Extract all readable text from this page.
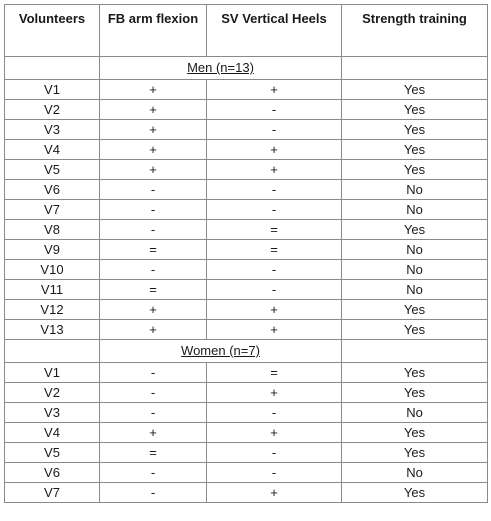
Volunteers	FB arm flexion	SV Vertical Heels	Strength training
	Men (n=13)		
V1	+	+	Yes
V2	+	-	Yes
V3	+	-	Yes
V4	+	+	Yes
V5	+	+	Yes
V6	-	-	No
V7	-	-	No
V8	-	=	Yes
V9	=	=	No
V10	-	-	No
V11	=	-	No
V12	+	+	Yes
V13	+	+	Yes
	Women (n=7)		
V1	-	=	Yes
V2	-	+	Yes
V3	-	-	No
V4	+	+	Yes
V5	=	-	Yes
V6	-	-	No
V7	-	+	Yes
